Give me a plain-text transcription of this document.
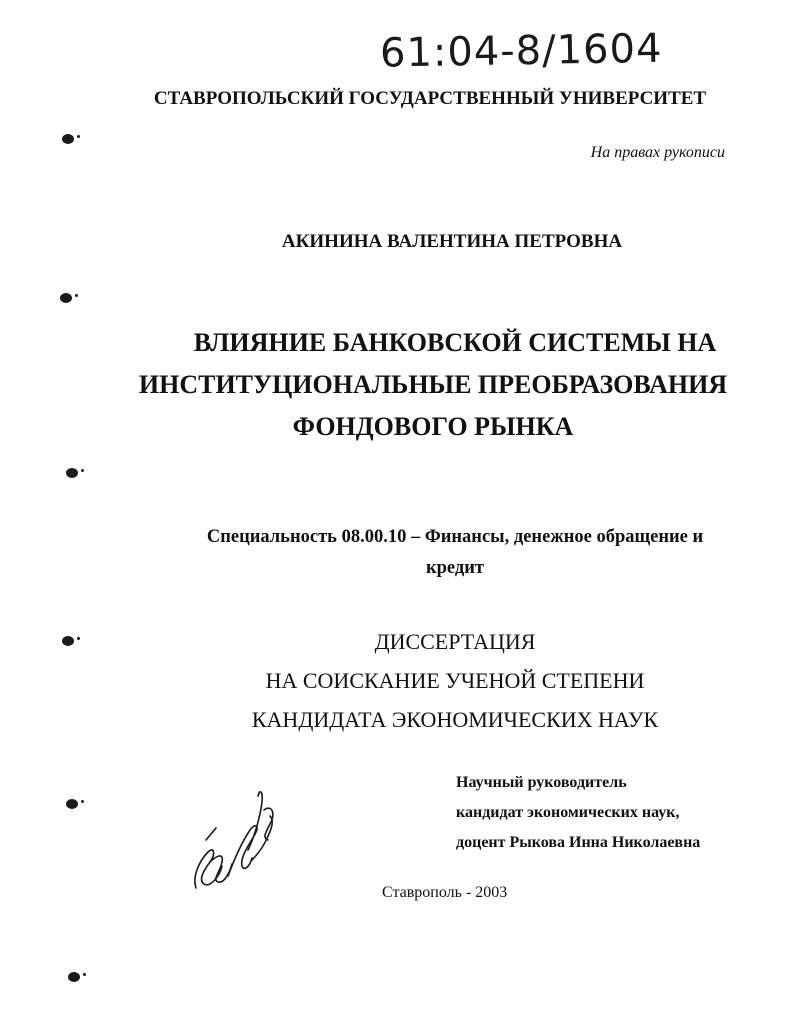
61:04-8/1604
СТАВРОПОЛЬСКИЙ ГОСУДАРСТВЕННЫЙ УНИВЕРСИТЕТ
На правах рукописи
АКИНИНА ВАЛЕНТИНА ПЕТРОВНА
ВЛИЯНИЕ БАНКОВСКОЙ СИСТЕМЫ НА
ИНСТИТУЦИОНАЛЬНЫЕ ПРЕОБРАЗОВАНИЯ
ФОНДОВОГО РЫНКА
Специальность 08.00.10 – Финансы, денежное обращение и
кредит
ДИССЕРТАЦИЯ
НА СОИСКАНИЕ УЧЕНОЙ СТЕПЕНИ
КАНДИДАТА ЭКОНОМИЧЕСКИХ НАУК
Научный руководитель
кандидат экономических наук,
доцент Рыкова Инна Николаевна
Ставрополь - 2003
